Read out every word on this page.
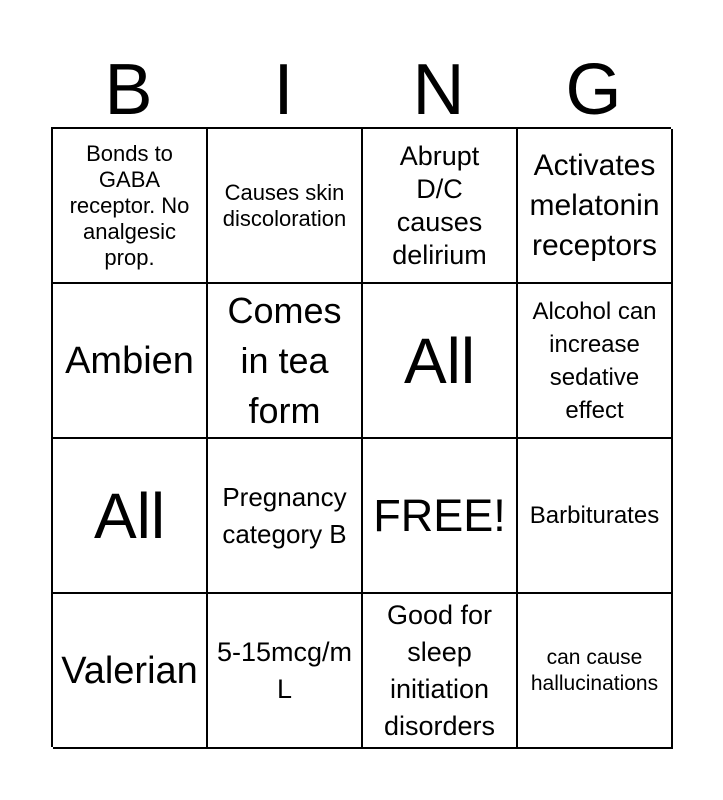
B	I	N	G
Bonds to GABA receptor. No analgesic prop.
Causes skin discoloration
Abrupt D/C causes delirium
Activates melatonin receptors
Ambien
Comes in tea form
All
Alcohol can increase sedative effect
All	Pregnancy category B FREE! Barbiturates
Valerian 5-15mcg/mL
Good for sleep initiation disorders
can cause hallucinations
